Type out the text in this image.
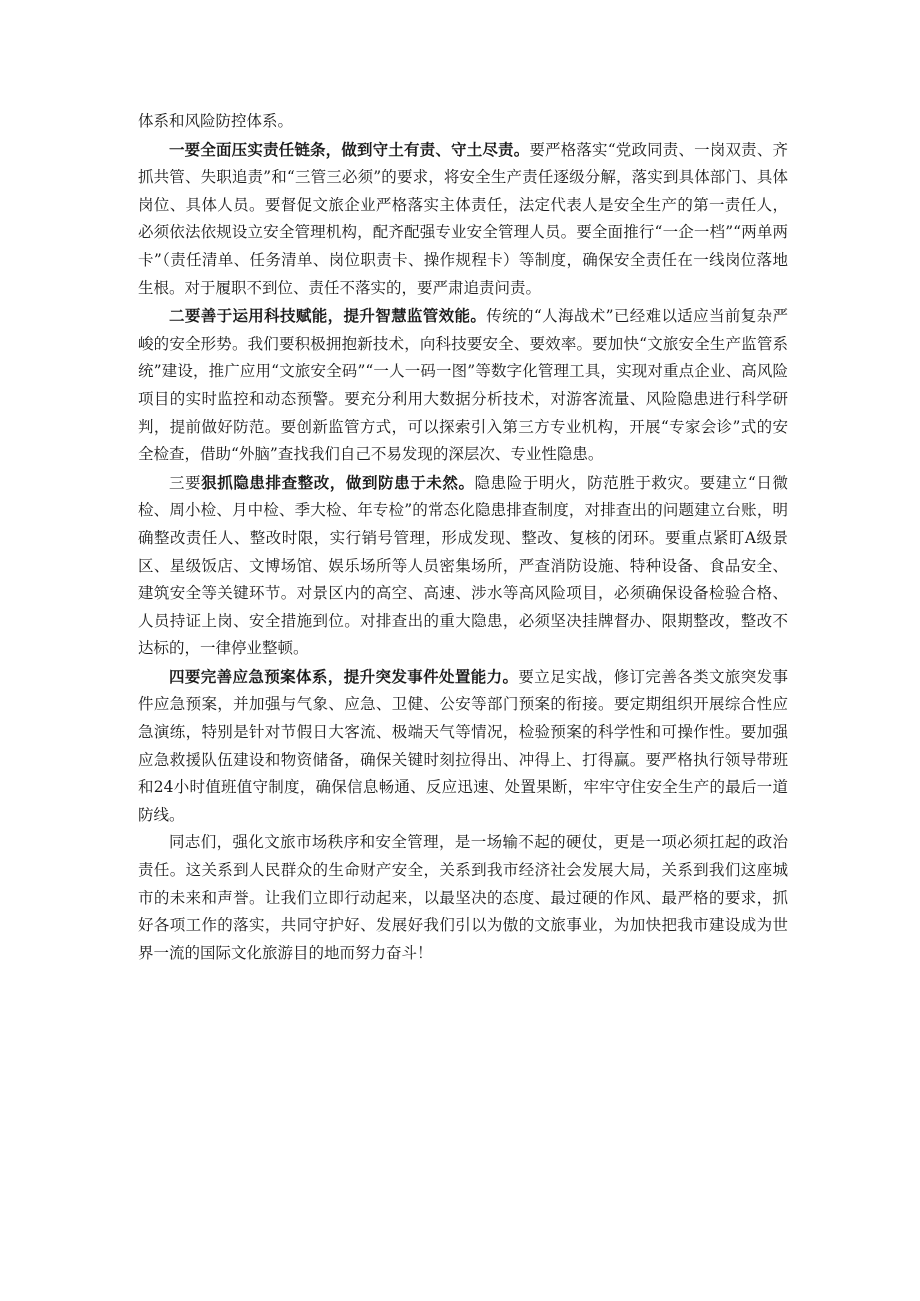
体系和风险防控体系。

一要全面压实责任链条，做到守土有责、守土尽责。要严格落实“党政同责、一岗双责、齐抓共管、失职追责”和“三管三必须”的要求，将安全生产责任逐级分解，落实到具体部门、具体岗位、具体人员。要督促文旅企业严格落实主体责任，法定代表人是安全生产的第一责任人，必须依法依规设立安全管理机构，配齐配强专业安全管理人员。要全面推行“一企一档”“两单两卡”（责任清单、任务清单、岗位职责卡、操作规程卡）等制度，确保安全责任在一线岗位落地生根。对于履职不到位、责任不落实的，要严肃追责问责。

二要善于运用科技赋能，提升智慧监管效能。传统的“人海战术”已经难以适应当前复杂严峻的安全形势。我们要积极拥抱新技术，向科技要安全、要效率。要加快“文旅安全生产监管系统”建设，推广应用“文旅安全码”“一人一码一图”等数字化管理工具，实现对重点企业、高风险项目的实时监控和动态预警。要充分利用大数据分析技术，对游客流量、风险隐患进行科学研判，提前做好防范。要创新监管方式，可以探索引入第三方专业机构，开展“专家会诊”式的安全检查，借助“外脑”查找我们自己不易发现的深层次、专业性隐患。

三要狠抓隐患排查整改，做到防患于未然。隐患险于明火，防范胜于救灾。要建立“日微检、周小检、月中检、季大检、年专检”的常态化隐患排查制度，对排查出的问题建立台账，明确整改责任人、整改时限，实行销号管理，形成发现、整改、复核的闭环。要重点紧盯A级景区、星级饭店、文博场馆、娱乐场所等人员密集场所，严查消防设施、特种设备、食品安全、建筑安全等关键环节。对景区内的高空、高速、涉水等高风险项目，必须确保设备检验合格、人员持证上岗、安全措施到位。对排查出的重大隐患，必须坚决挂牌督办、限期整改，整改不达标的，一律停业整顿。

四要完善应急预案体系，提升突发事件处置能力。要立足实战，修订完善各类文旅突发事件应急预案，并加强与气象、应急、卫健、公安等部门预案的衔接。要定期组织开展综合性应急演练，特别是针对节假日大客流、极端天气等情况，检验预案的科学性和可操作性。要加强应急救援队伍建设和物资储备，确保关键时刻拉得出、冲得上、打得赢。要严格执行领导带班和24小时值班值守制度，确保信息畅通、反应迅速、处置果断，牢牢守住安全生产的最后一道防线。

同志们，强化文旅市场秩序和安全管理，是一场输不起的硬仗，更是一项必须扛起的政治责任。这关系到人民群众的生命财产安全，关系到我市经济社会发展大局，关系到我们这座城市的未来和声誉。让我们立即行动起来，以最坚决的态度、最过硬的作风、最严格的要求，抓好各项工作的落实，共同守护好、发展好我们引以为傲的文旅事业，为加快把我市建设成为世界一流的国际文化旅游目的地而努力奋斗！
